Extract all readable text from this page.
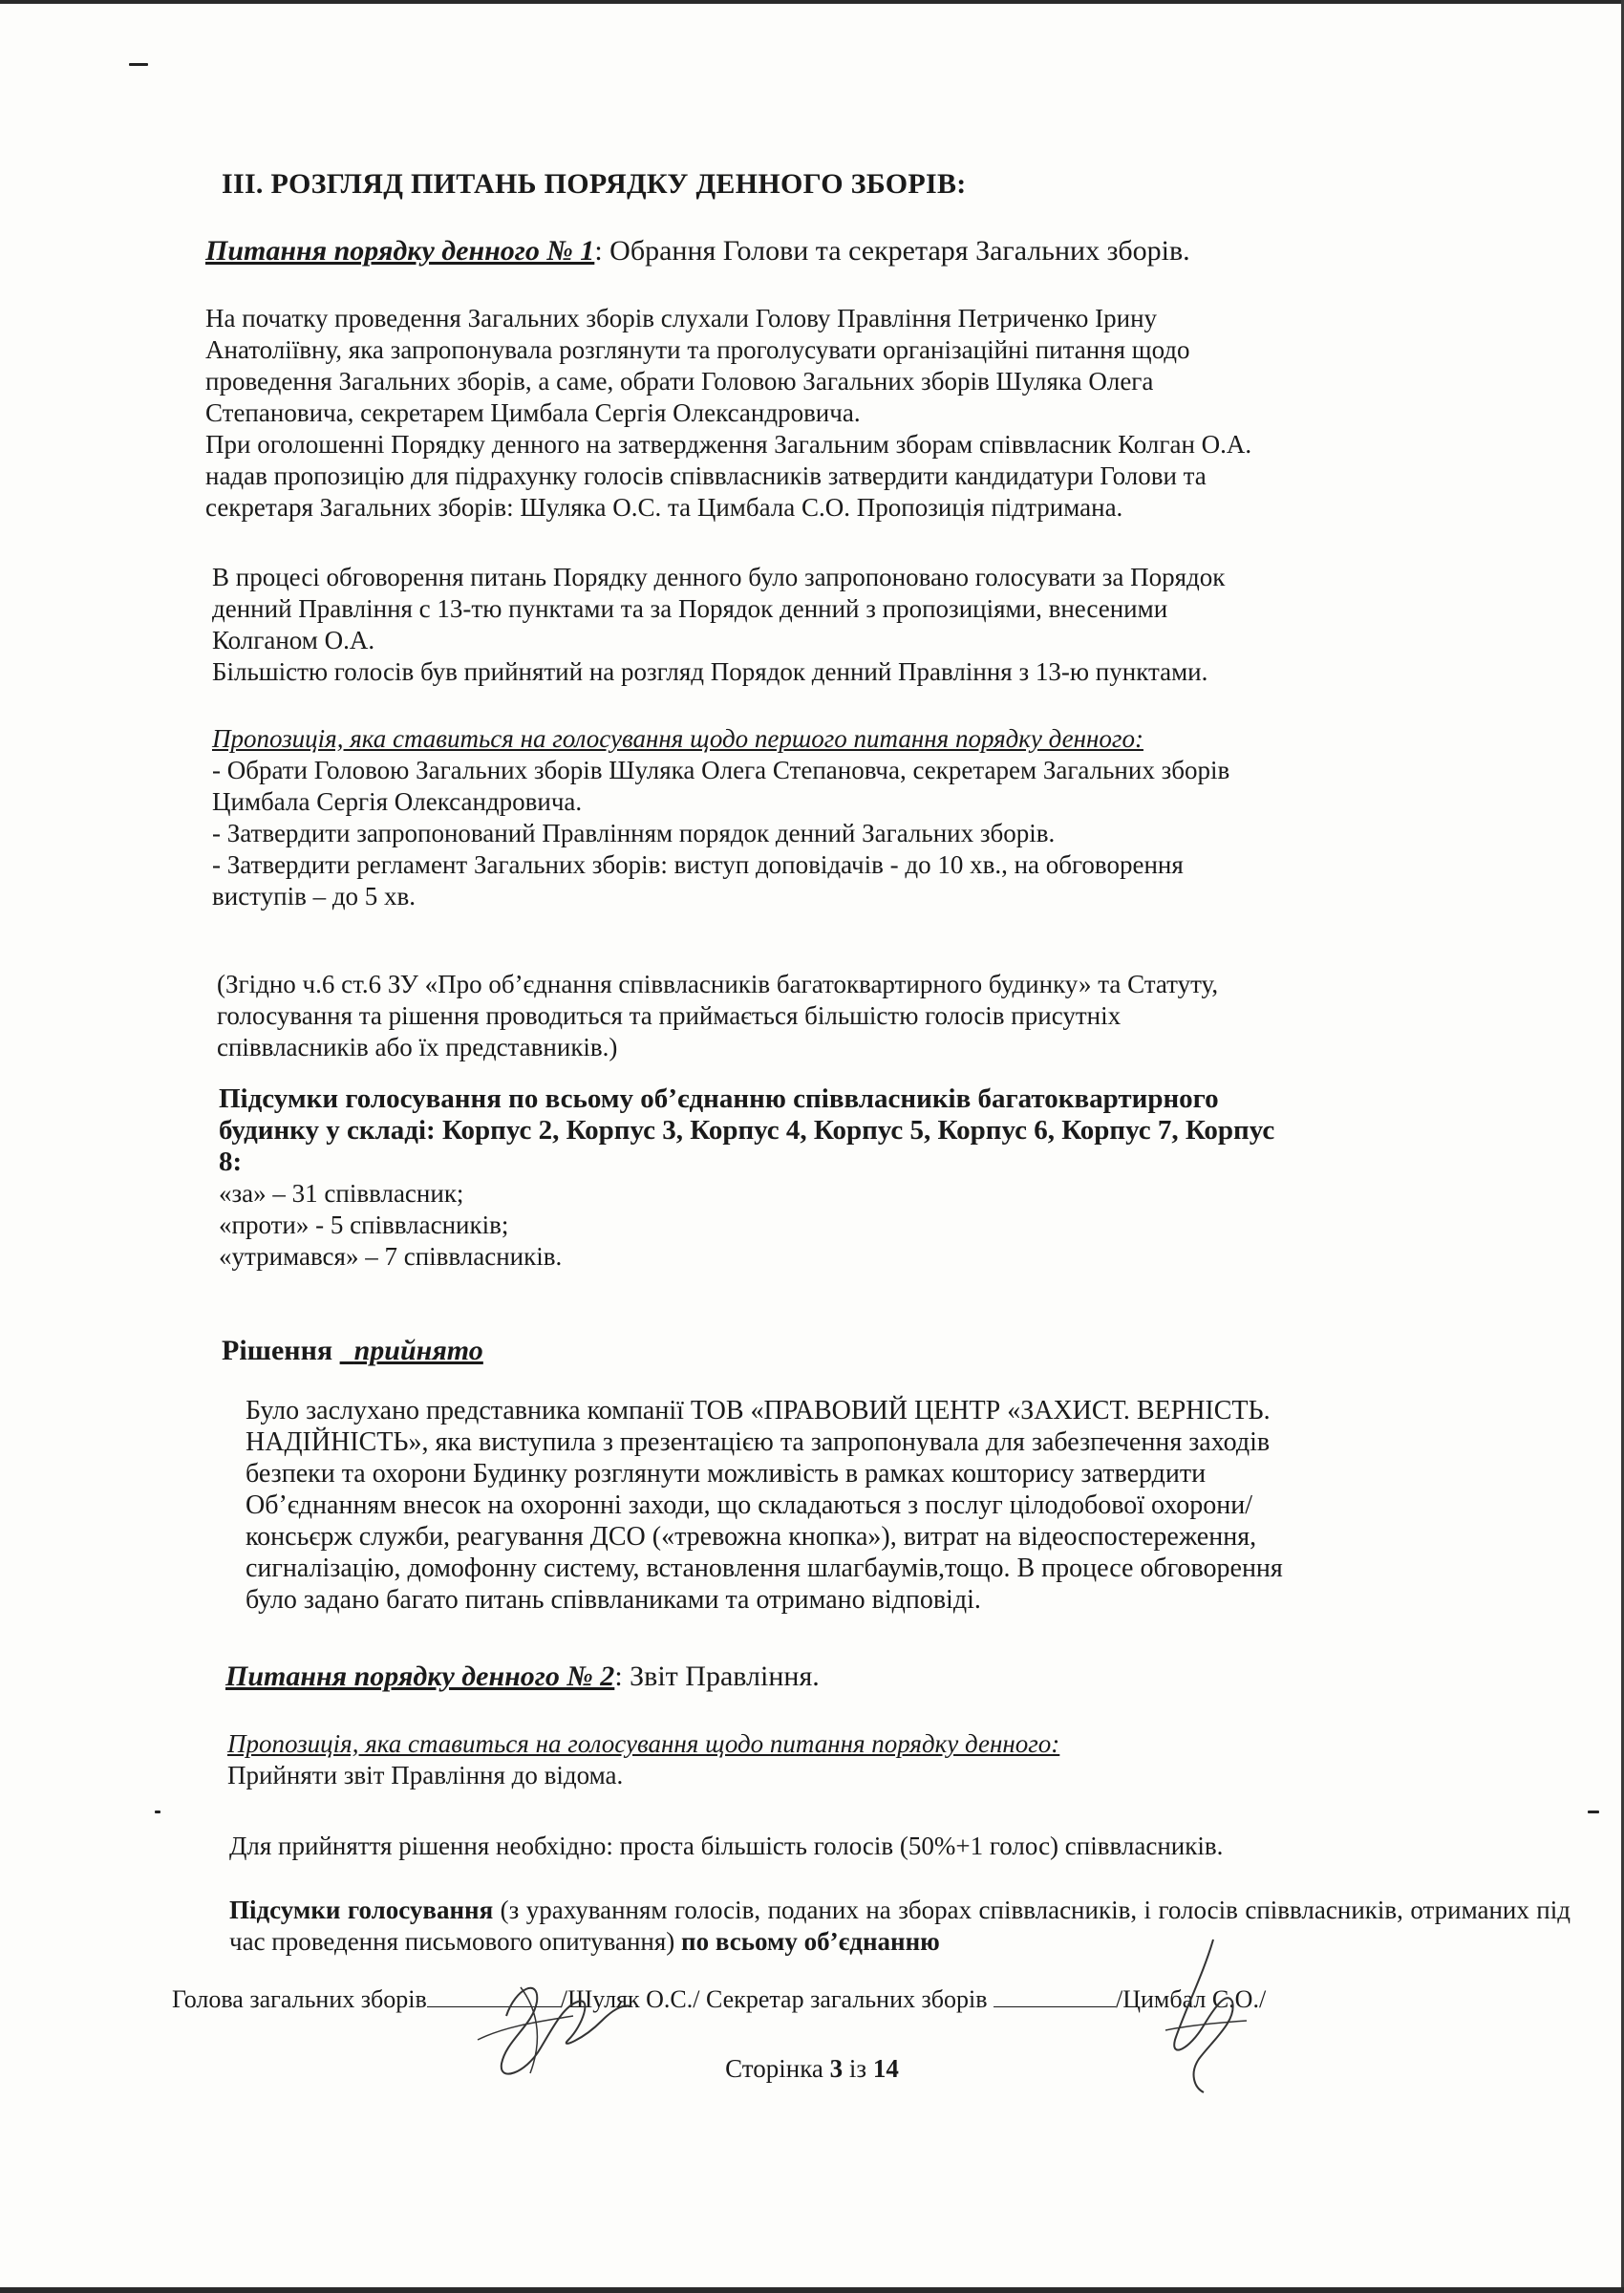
III. РОЗГЛЯД ПИТАНЬ ПОРЯДКУ ДЕННОГО ЗБОРІВ:
Питання порядку денного № 1: Обрання Голови та секретаря Загальних зборів.
На початку проведення Загальних зборів слухали Голову Правління Петриченко Ірину
Анатоліївну, яка запропонувала розглянути та проголусувати організаційні питання щодо
проведення Загальних зборів, а саме, обрати Головою Загальних зборів Шуляка Олега
Степановича, секретарем Цимбала Сергія Олександровича.
При оголошенні Порядку денного на затвердження Загальним зборам співвласник Колган О.А.
надав пропозицію для підрахунку голосів співвласників затвердити кандидатури Голови та
секретаря Загальних зборів: Шуляка О.С. та Цимбала С.О. Пропозиція підтримана.
В процесі обговорення питань Порядку денного було запропоновано голосувати за Порядок
денний Правління с 13-тю пунктами та за Порядок денний з пропозиціями, внесеними
Колганом О.А.
Більшістю голосів був прийнятий на розгляд Порядок денний Правління з 13-ю пунктами.
Пропозиція, яка ставиться на голосування щодо першого питання порядку денного:
- Обрати Головою Загальних зборів Шуляка Олега Степановча, секретарем Загальних зборів
Цимбала Сергія Олександровича.
- Затвердити запропонований Правлінням порядок денний Загальних зборів.
- Затвердити регламент Загальних зборів: виступ доповідачів - до 10 хв., на обговорення
виступів – до 5 хв.
(Згідно ч.6 ст.6 ЗУ «Про об’єднання співвласників багатоквартирного будинку» та Статуту,
голосування та рішення проводиться та приймається більшістю голосів присутніх
співвласників або їх представників.)
Підсумки голосування по всьому об’єднанню співвласників багатоквартирного
будинку у складі: Корпус 2, Корпус 3, Корпус 4, Корпус 5, Корпус 6, Корпус 7, Корпус
8:
«за» – 31 співвласник;
«проти» - 5 співвласників;
«утримався» – 7 співвласників.
Рішення прийнято
Було заслухано представника компанії ТОВ «ПРАВОВИЙ ЦЕНТР «ЗАХИСТ. ВЕРНІСТЬ.
НАДІЙНІСТЬ», яка виступила з презентацією та запропонувала для забезпечення заходів
безпеки та охорони Будинку розглянути можливість в рамках кошторису затвердити
Об’єднанням внесок на охоронні заходи, що складаються з послуг цілодобової охорони/
консьєрж служби, реагування ДСО («тревожна кнопка»), витрат на відеоспостереження,
сигналізацію, домофонну систему, встановлення шлагбаумів,тощо. В процесе обговорення
було задано багато питань співвланиками та отримано відповіді.
Питання порядку денного № 2: Звіт Правління.
Пропозиція, яка ставиться на голосування щодо питання порядку денного:
Прийняти звіт Правління до відома.
Для прийняття рішення необхідно: проста більшість голосів (50%+1 голос) співвласників.
Підсумки голосування (з урахуванням голосів, поданих на зборах співвласників, і голосів співвласників, отриманих під час проведення письмового опитування) по всьому об’єднанню
Голова загальних зборів	/Шуляк О.С./ Секретар загальних зборів	/Цимбал С.О./
Сторінка 3 із 14
